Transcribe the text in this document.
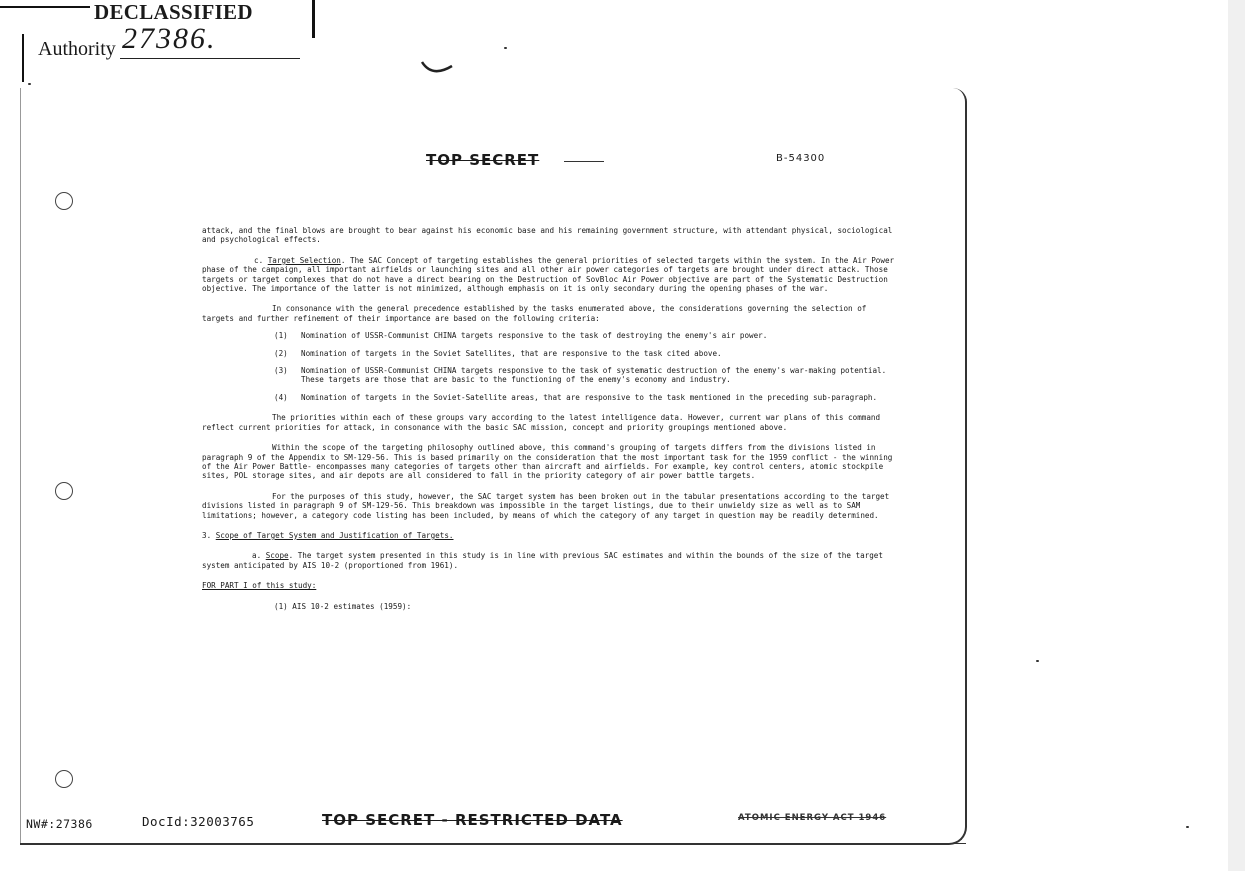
DECLASSIFIED
Authority 27386.
TOP SECRET	B-54300

attack, and the final blows are brought to bear against his economic base and his remaining government structure, with attendant physical, sociological and psychological effects.

c. Target Selection. The SAC Concept of targeting establishes the general priorities of selected targets within the system. In the Air Power phase of the campaign, all important airfields or launching sites and all other air power categories of targets are brought under direct attack. Those targets or target complexes that do not have a direct bearing on the Destruction of SovBloc Air Power objective are part of the Systematic Destruction objective. The importance of the latter is not minimized, although emphasis on it is only secondary during the opening phases of the war.

In consonance with the general precedence established by the tasks enumerated above, the considerations governing the selection of targets and further refinement of their importance are based on the following criteria:

(1)	Nomination of USSR-Communist CHINA targets responsive to the task of destroying the enemy's air power.
(2)	Nomination of targets in the Soviet Satellites, that are responsive to the task cited above.
(3)	Nomination of USSR-Communist CHINA targets responsive to the task of systematic destruction of the enemy's war-making potential. These targets are those that are basic to the functioning of the enemy's economy and industry.
(4)	Nomination of targets in the Soviet-Satellite areas, that are responsive to the task mentioned in the preceding sub-paragraph.

The priorities within each of these groups vary according to the latest intelligence data. However, current war plans of this command reflect current priorities for attack, in consonance with the basic SAC mission, concept and priority groupings mentioned above.

Within the scope of the targeting philosophy outlined above, this command's grouping of targets differs from the divisions listed in paragraph 9 of the Appendix to SM-129-56. This is based primarily on the consideration that the most important task for the 1959 conflict - the winning of the Air Power Battle- encompasses many categories of targets other than aircraft and airfields. For example, key control centers, atomic stockpile sites, POL storage sites, and air depots are all considered to fall in the priority category of air power battle targets.

For the purposes of this study, however, the SAC target system has been broken out in the tabular presentations according to the target divisions listed in paragraph 9 of SM-129-56. This breakdown was impossible in the target listings, due to their unwieldy size as well as to SAM limitations; however, a category code listing has been included, by means of which the category of any target in question may be readily determined.

3. Scope of Target System and Justification of Targets.

a. Scope. The target system presented in this study is in line with previous SAC estimates and within the bounds of the size of the target system anticipated by AIS 10-2 (proportioned from 1961).

FOR PART I of this study:

(1) AIS 10-2 estimates (1959):
NW#:27386	DocId:32003765	TOP SECRET - RESTRICTED DATA	ATOMIC ENERGY ACT 1946
